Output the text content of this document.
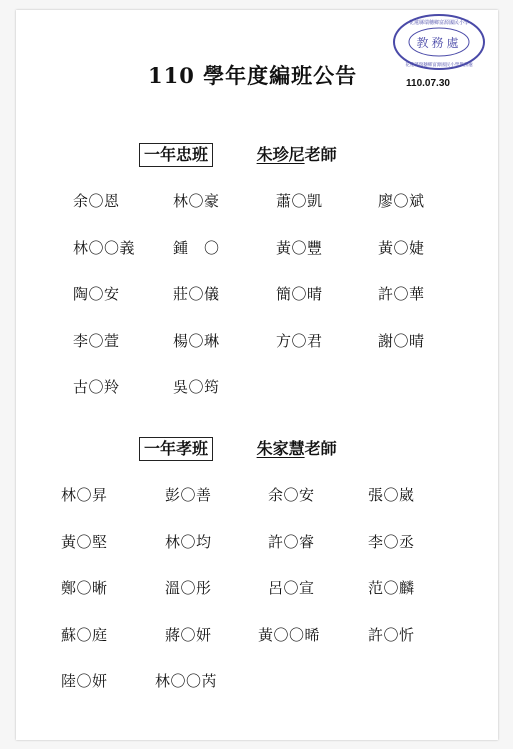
教務處
花蓮縣瑞穗鄉富源國民小學
花蓮縣瑞穗鄉富源國民小學教務處
110 學年度編班公告	110.07.30
一年忠班	朱珍尼老師
余〇恩	林〇豪	蕭〇凱	廖〇斌
林〇〇義	鍾　〇	黃〇豐	黃〇婕
陶〇安	莊〇儀	簡〇晴	許〇華
李〇萱	楊〇琳	方〇君	謝〇晴
古〇羚	吳〇筠
一年孝班	朱家慧老師
林〇昇	彭〇善	余〇安	張〇崴
黃〇堅	林〇均	許〇睿	李〇丞
鄭〇晰	溫〇彤	呂〇宣	范〇麟
蘇〇庭	蔣〇妍	黃〇〇晞	許〇忻
陸〇妍	林〇〇芮
